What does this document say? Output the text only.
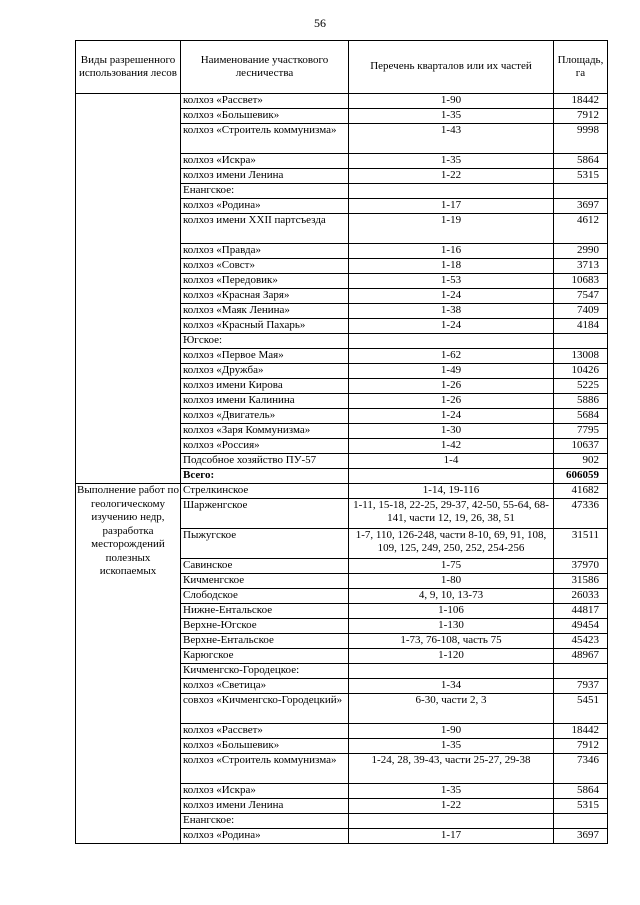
56
Виды разрешенного использования лесов	Наименование участкового лесничества	Перечень кварталов или их частей	Площадь, га
	колхоз «Рассвет»	1-90	18442
	колхоз «Большевик»	1-35	7912
	колхоз «Строитель коммунизма»	1-43	9998
	колхоз «Искра»	1-35	5864
	колхоз имени Ленина	1-22	5315
	Енангское:		
	колхоз «Родина»	1-17	3697
	колхоз имени XXII партсъезда	1-19	4612
	колхоз «Правда»	1-16	2990
	колхоз «Совст»	1-18	3713
	колхоз «Передовик»	1-53	10683
	колхоз «Красная Заря»	1-24	7547
	колхоз «Маяк Ленина»	1-38	7409
	колхоз «Красный Пахарь»	1-24	4184
	Югское:		
	колхоз «Первое Мая»	1-62	13008
	колхоз «Дружба»	1-49	10426
	колхоз имени Кирова	1-26	5225
	колхоз имени Калинина	1-26	5886
	колхоз «Двигатель»	1-24	5684
	колхоз «Заря Коммунизма»	1-30	7795
	колхоз «Россия»	1-42	10637
	Подсобное хозяйство ПУ-57	1-4	902
	Всего:		606059
Выполнение работ по геологическому изучению недр, разработка месторождений полезных ископаемых	Стрелкинское	1-14, 19-116	41682
	Шарженгское	1-11, 15-18, 22-25, 29-37, 42-50, 55-64, 68-141, части 12, 19, 26, 38, 51	47336
	Пыжугское	1-7, 110, 126-248, части 8-10, 69, 91, 108, 109, 125, 249, 250, 252, 254-256	31511
	Савинское	1-75	37970
	Кичменгское	1-80	31586
	Слободское	4, 9, 10, 13-73	26033
	Нижне-Ентальское	1-106	44817
	Верхне-Югское	1-130	49454
	Верхне-Ентальское	1-73, 76-108, часть 75	45423
	Карюгское	1-120	48967
	Кичменгско-Городецкое:		
	колхоз «Светица»	1-34	7937
	совхоз «Кичменгско-Городецкий»	6-30, части 2, 3	5451
	колхоз «Рассвет»	1-90	18442
	колхоз «Большевик»	1-35	7912
	колхоз «Строитель коммунизма»	1-24, 28, 39-43, части 25-27, 29-38	7346
	колхоз «Искра»	1-35	5864
	колхоз имени Ленина	1-22	5315
	Енангское:		
	колхоз «Родина»	1-17	3697
